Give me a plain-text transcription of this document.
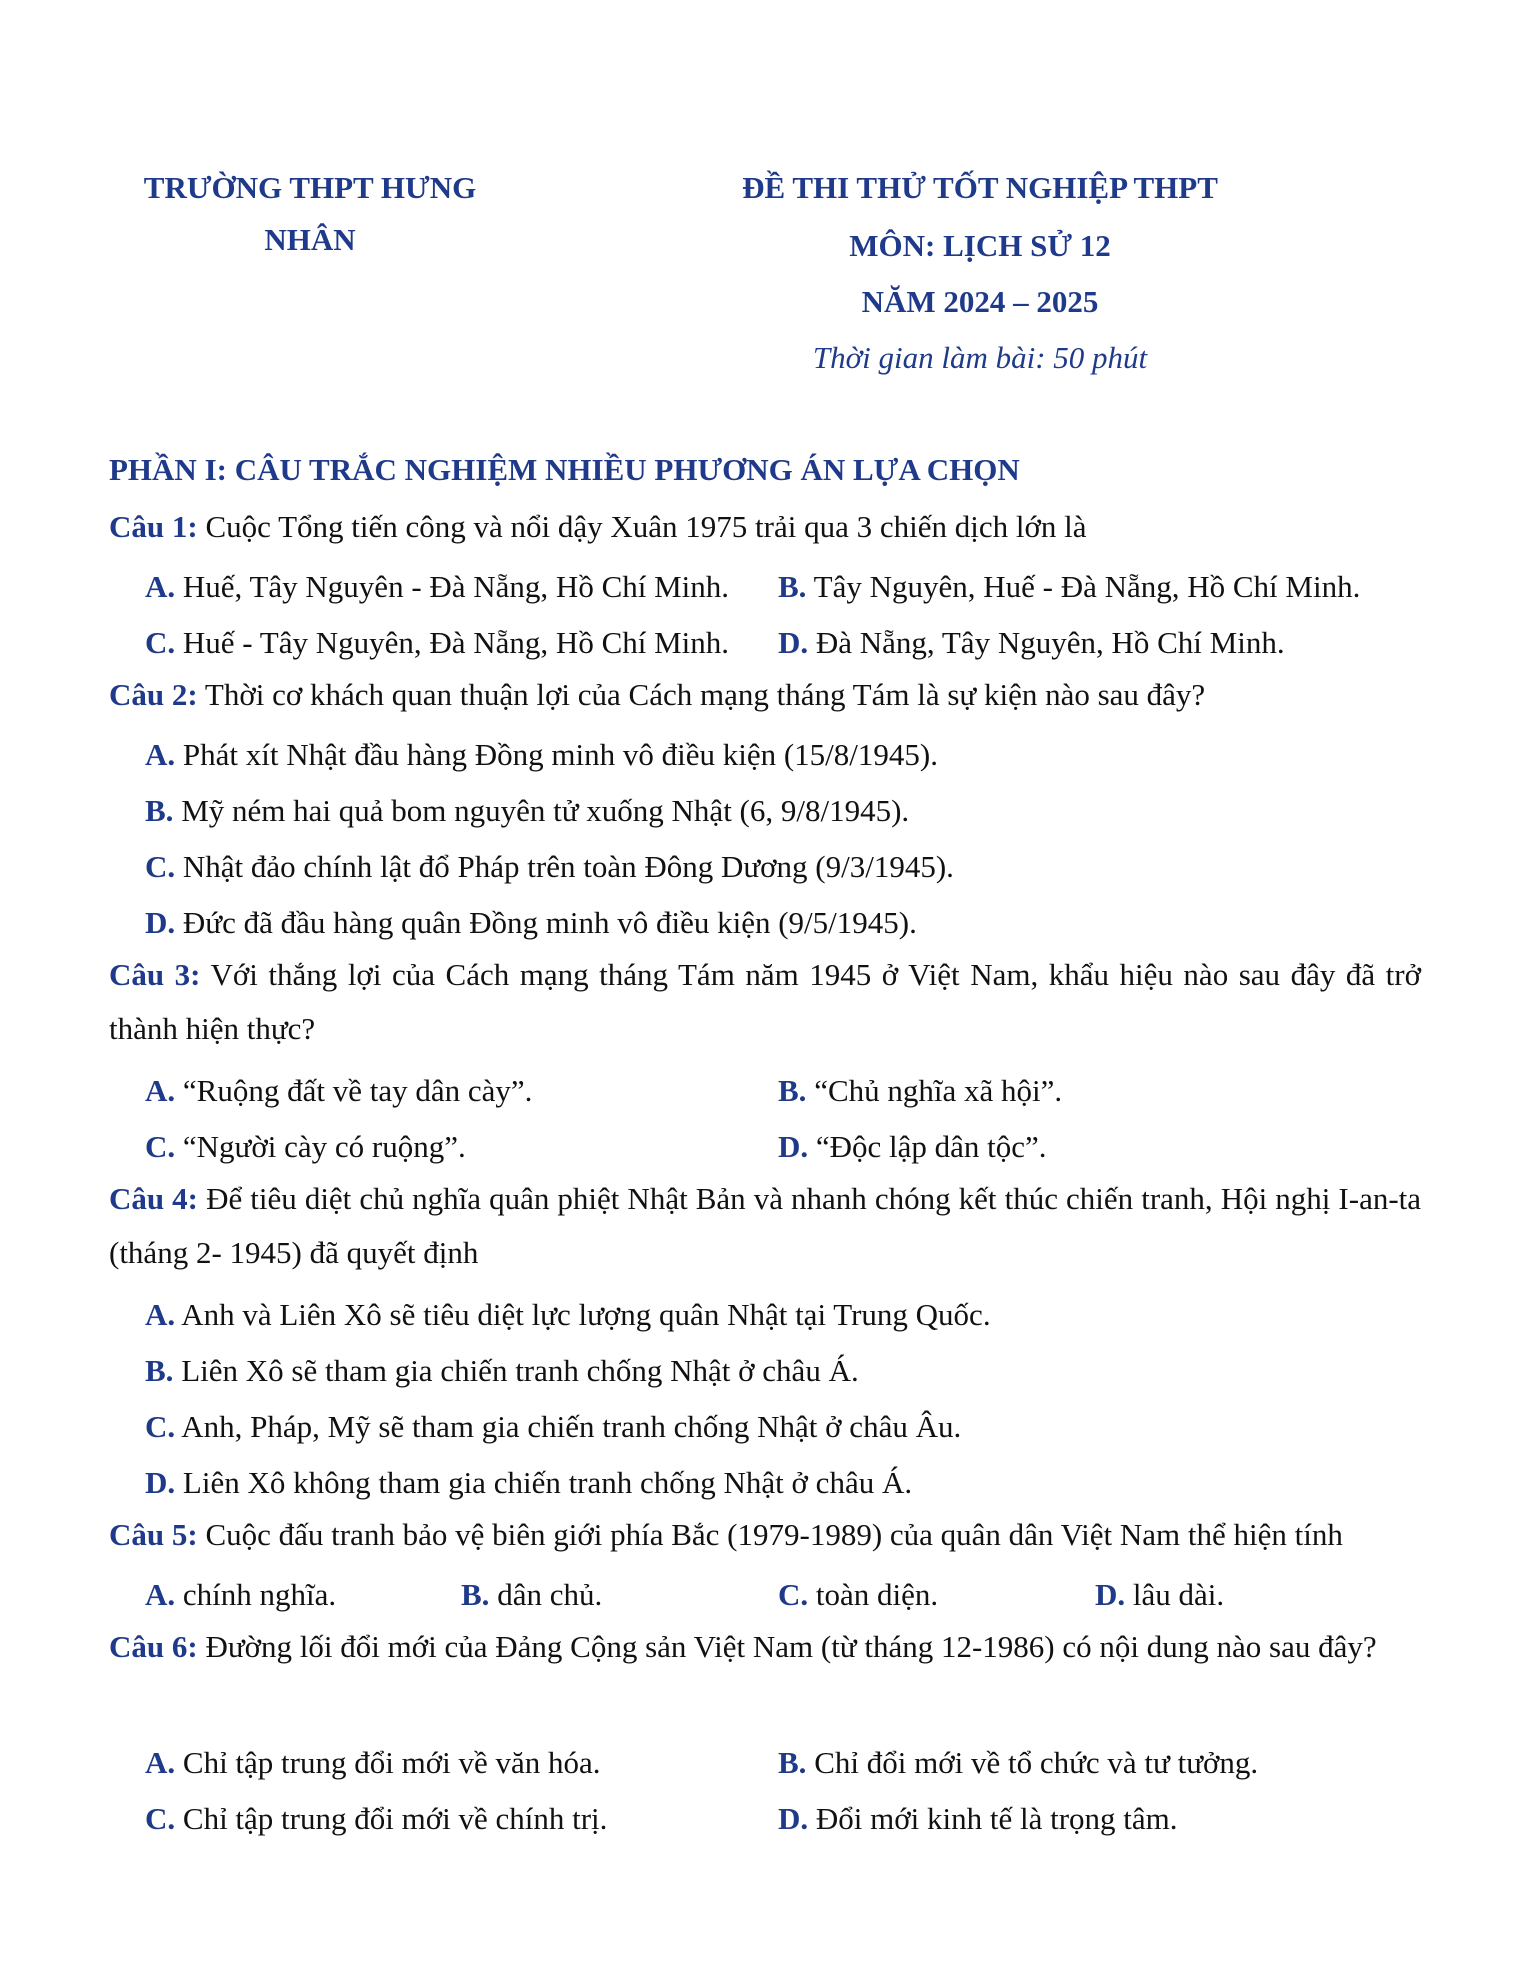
TRƯỜNG THPT HƯNG
NHÂN
ĐỀ THI THỬ TỐT NGHIỆP THPT
MÔN: LỊCH SỬ 12
NĂM 2024 – 2025
Thời gian làm bài: 50 phút
PHẦN I: CÂU TRẮC NGHIỆM NHIỀU PHƯƠNG ÁN LỰA CHỌN
Câu 1: Cuộc Tổng tiến công và nổi dậy Xuân 1975 trải qua 3 chiến dịch lớn là
A. Huế, Tây Nguyên - Đà Nẵng, Hồ Chí Minh. B. Tây Nguyên, Huế - Đà Nẵng, Hồ Chí Minh.
C. Huế - Tây Nguyên, Đà Nẵng, Hồ Chí Minh. D. Đà Nẵng, Tây Nguyên, Hồ Chí Minh.
Câu 2: Thời cơ khách quan thuận lợi của Cách mạng tháng Tám là sự kiện nào sau đây?
A. Phát xít Nhật đầu hàng Đồng minh vô điều kiện (15/8/1945).
B. Mỹ ném hai quả bom nguyên tử xuống Nhật (6, 9/8/1945).
C. Nhật đảo chính lật đổ Pháp trên toàn Đông Dương (9/3/1945).
D. Đức đã đầu hàng quân Đồng minh vô điều kiện (9/5/1945).
Câu 3: Với thắng lợi của Cách mạng tháng Tám năm 1945 ở Việt Nam, khẩu hiệu nào sau đây đã trở thành hiện thực?
A. “Ruộng đất về tay dân cày”.	B. “Chủ nghĩa xã hội”.
C. “Người cày có ruộng”.	D. “Độc lập dân tộc”.
Câu 4: Để tiêu diệt chủ nghĩa quân phiệt Nhật Bản và nhanh chóng kết thúc chiến tranh, Hội nghị I-an-ta (tháng 2- 1945) đã quyết định
A. Anh và Liên Xô sẽ tiêu diệt lực lượng quân Nhật tại Trung Quốc.
B. Liên Xô sẽ tham gia chiến tranh chống Nhật ở châu Á.
C. Anh, Pháp, Mỹ sẽ tham gia chiến tranh chống Nhật ở châu Âu.
D. Liên Xô không tham gia chiến tranh chống Nhật ở châu Á.
Câu 5: Cuộc đấu tranh bảo vệ biên giới phía Bắc (1979-1989) của quân dân Việt Nam thể hiện tính
A. chính nghĩa.	B. dân chủ.	C. toàn diện.	D. lâu dài.
Câu 6: Đường lối đổi mới của Đảng Cộng sản Việt Nam (từ tháng 12-1986) có nội dung nào sau đây?
A. Chỉ tập trung đổi mới về văn hóa.	B. Chỉ đổi mới về tổ chức và tư tưởng.
C. Chỉ tập trung đổi mới về chính trị.	D. Đổi mới kinh tế là trọng tâm.
